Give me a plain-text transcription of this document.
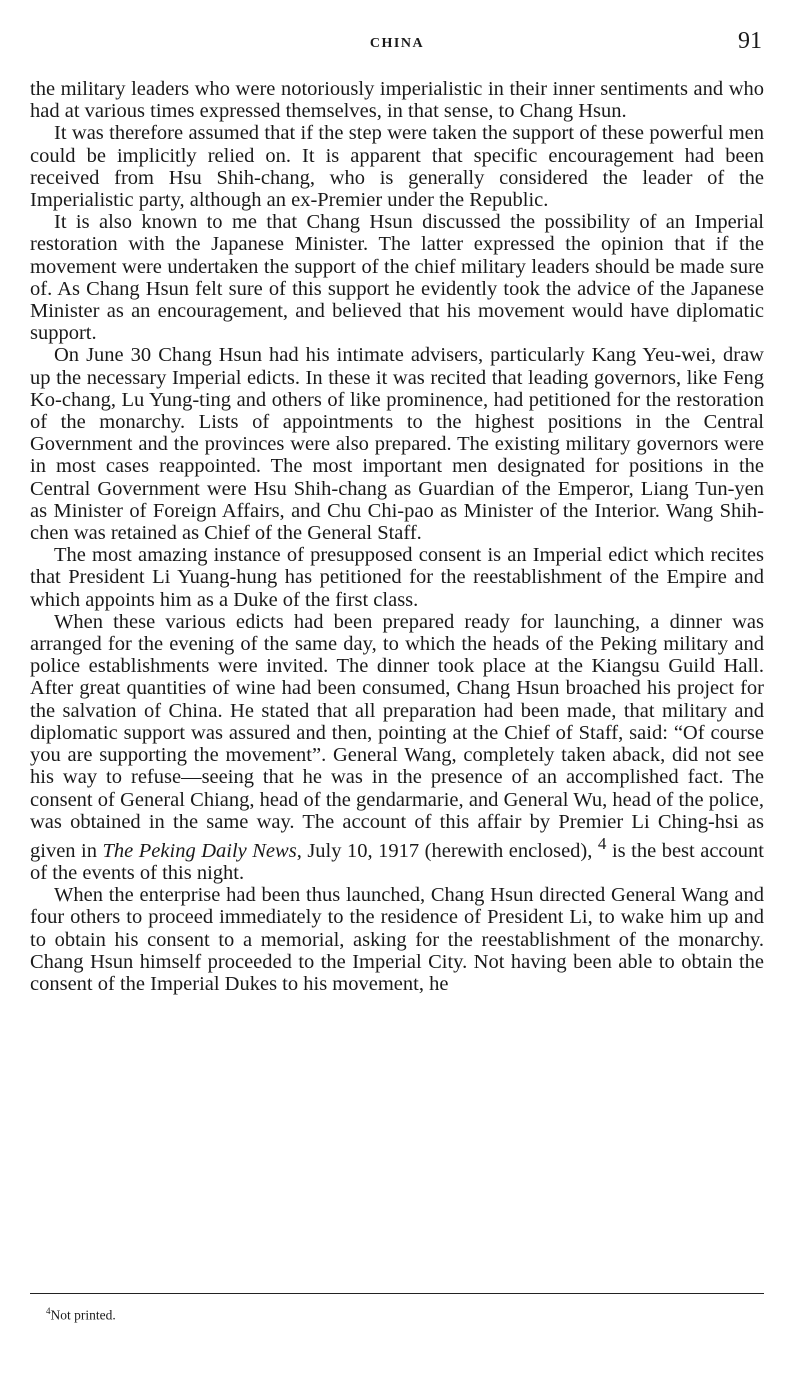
CHINA	91

the military leaders who were notoriously imperialistic in their inner sentiments and who had at various times expressed themselves, in that sense, to Chang Hsun.

It was therefore assumed that if the step were taken the support of these powerful men could be implicitly relied on. It is apparent that specific encouragement had been received from Hsu Shih-chang, who is generally considered the leader of the Imperialistic party, although an ex-Premier under the Republic.

It is also known to me that Chang Hsun discussed the possibility of an Imperial restoration with the Japanese Minister. The latter expressed the opinion that if the movement were undertaken the support of the chief military leaders should be made sure of. As Chang Hsun felt sure of this support he evidently took the advice of the Japanese Minister as an encouragement, and believed that his movement would have diplomatic support.

On June 30 Chang Hsun had his intimate advisers, particularly Kang Yeu-wei, draw up the necessary Imperial edicts. In these it was recited that leading governors, like Feng Ko-chang, Lu Yung-ting and others of like prominence, had petitioned for the restoration of the monarchy. Lists of appointments to the highest positions in the Central Government and the provinces were also prepared. The existing military governors were in most cases reappointed. The most important men designated for positions in the Central Government were Hsu Shih-chang as Guardian of the Emperor, Liang Tun-yen as Minister of Foreign Affairs, and Chu Chi-pao as Minister of the Interior. Wang Shih-chen was retained as Chief of the General Staff.

The most amazing instance of presupposed consent is an Imperial edict which recites that President Li Yuang-hung has petitioned for the reestablishment of the Empire and which appoints him as a Duke of the first class.

When these various edicts had been prepared ready for launching, a dinner was arranged for the evening of the same day, to which the heads of the Peking military and police establishments were invited. The dinner took place at the Kiangsu Guild Hall. After great quantities of wine had been consumed, Chang Hsun broached his project for the salvation of China. He stated that all preparation had been made, that military and diplomatic support was assured and then, pointing at the Chief of Staff, said: “Of course you are supporting the movement”. General Wang, completely taken aback, did not see his way to refuse—seeing that he was in the presence of an accomplished fact. The consent of General Chiang, head of the gendarmarie, and General Wu, head of the police, was obtained in the same way. The account of this affair by Premier Li Ching-hsi as given in The Peking Daily News, July 10, 1917 (herewith enclosed), $^4$ is the best account of the events of this night.

When the enterprise had been thus launched, Chang Hsun directed General Wang and four others to proceed immediately to the residence of President Li, to wake him up and to obtain his consent to a memorial, asking for the reestablishment of the monarchy. Chang Hsun himself proceeded to the Imperial City. Not having been able to obtain the consent of the Imperial Dukes to his movement, he

$^4$Not printed.
